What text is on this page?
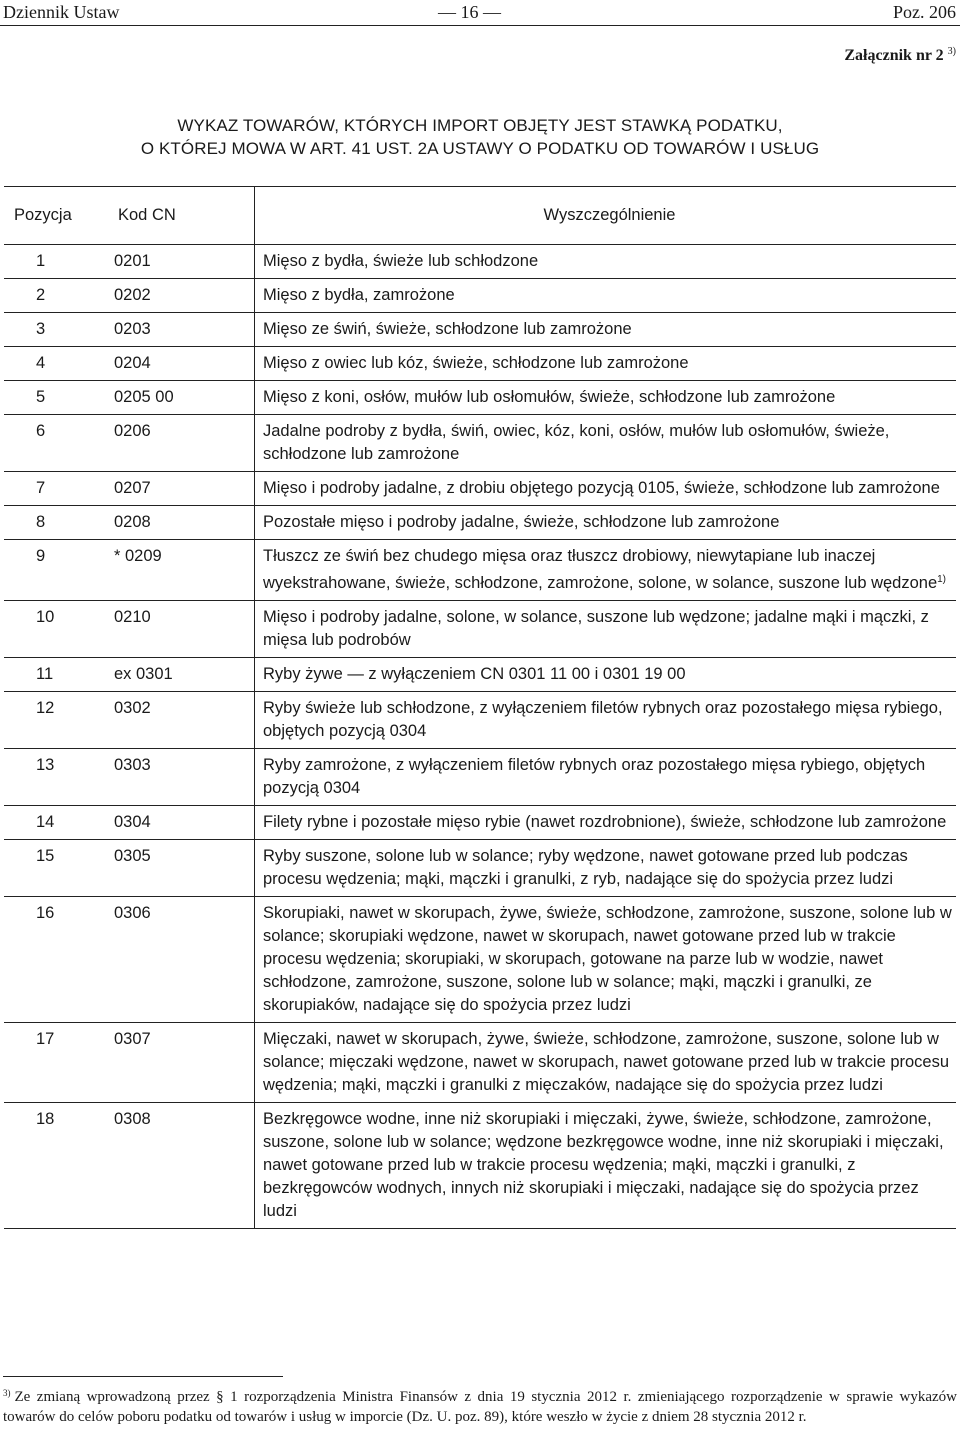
Dziennik Ustaw	— 16 —	Poz. 206
Załącznik nr 2 $^{3)}$
WYKAZ TOWARÓW, KTÓRYCH IMPORT OBJĘTY JEST STAWKĄ PODATKU,
O KTÓREJ MOWA W ART. 41 UST. 2A USTAWY O PODATKU OD TOWARÓW I USŁUG
Pozycja	Kod CN	Wyszczególnienie
1	0201	Mięso z bydła, świeże lub schłodzone
2	0202	Mięso z bydła, zamrożone
3	0203	Mięso ze świń, świeże, schłodzone lub zamrożone
4	0204	Mięso z owiec lub kóz, świeże, schłodzone lub zamrożone
5	0205 00	Mięso z koni, osłów, mułów lub osłomułów, świeże, schłodzone lub zamrożone
6	0206	Jadalne podroby z bydła, świń, owiec, kóz, koni, osłów, mułów lub osłomułów, świeże, schłodzone lub zamrożone
7	0207	Mięso i podroby jadalne, z drobiu objętego pozycją 0105, świeże, schłodzone lub zamrożone
8	0208	Pozostałe mięso i podroby jadalne, świeże, schłodzone lub zamrożone
9	* 0209	Tłuszcz ze świń bez chudego mięsa oraz tłuszcz drobiowy, niewytapiane lub inaczej wyekstrahowane, świeże, schłodzone, zamrożone, solone, w solance, suszone lub wędzone$^{1)}$
10	0210	Mięso i podroby jadalne, solone, w solance, suszone lub wędzone; jadalne mąki i mączki, z mięsa lub podrobów
11	ex 0301	Ryby żywe — z wyłączeniem CN 0301 11 00 i 0301 19 00
12	0302	Ryby świeże lub schłodzone, z wyłączeniem filetów rybnych oraz pozostałego mięsa rybiego, objętych pozycją 0304
13	0303	Ryby zamrożone, z wyłączeniem filetów rybnych oraz pozostałego mięsa rybiego, objętych pozycją 0304
14	0304	Filety rybne i pozostałe mięso rybie (nawet rozdrobnione), świeże, schłodzone lub zamrożone
15	0305	Ryby suszone, solone lub w solance; ryby wędzone, nawet gotowane przed lub podczas procesu wędzenia; mąki, mączki i granulki, z ryb, nadające się do spożycia przez ludzi
16	0306	Skorupiaki, nawet w skorupach, żywe, świeże, schłodzone, zamrożone, suszone, solone lub w solance; skorupiaki wędzone, nawet w skorupach, nawet gotowane przed lub w trakcie procesu wędzenia; skorupiaki, w skorupach, gotowane na parze lub w wodzie, nawet schłodzone, zamrożone, suszone, solone lub w solance; mąki, mączki i granulki, ze skorupiaków, nadające się do spożycia przez ludzi
17	0307	Mięczaki, nawet w skorupach, żywe, świeże, schłodzone, zamrożone, suszone, solone lub w solance; mięczaki wędzone, nawet w skorupach, nawet gotowane przed lub w trakcie procesu wędzenia; mąki, mączki i granulki z mięczaków, nadające się do spożycia przez ludzi
18	0308	Bezkręgowce wodne, inne niż skorupiaki i mięczaki, żywe, świeże, schłodzone, zamrożone, suszone, solone lub w solance; wędzone bezkręgowce wodne, inne niż skorupiaki i mięczaki, nawet gotowane przed lub w trakcie procesu wędzenia; mąki, mączki i granulki, z bezkręgowców wodnych, innych niż skorupiaki i mięczaki, nadające się do spożycia przez ludzi
$^{3)}$ Ze zmianą wprowadzoną przez § 1 rozporządzenia Ministra Finansów z dnia 19 stycznia 2012 r. zmieniającego rozporządzenie w sprawie wykazów towarów do celów poboru podatku od towarów i usług w imporcie (Dz. U. poz. 89), które weszło w życie z dniem 28 stycznia 2012 r.
